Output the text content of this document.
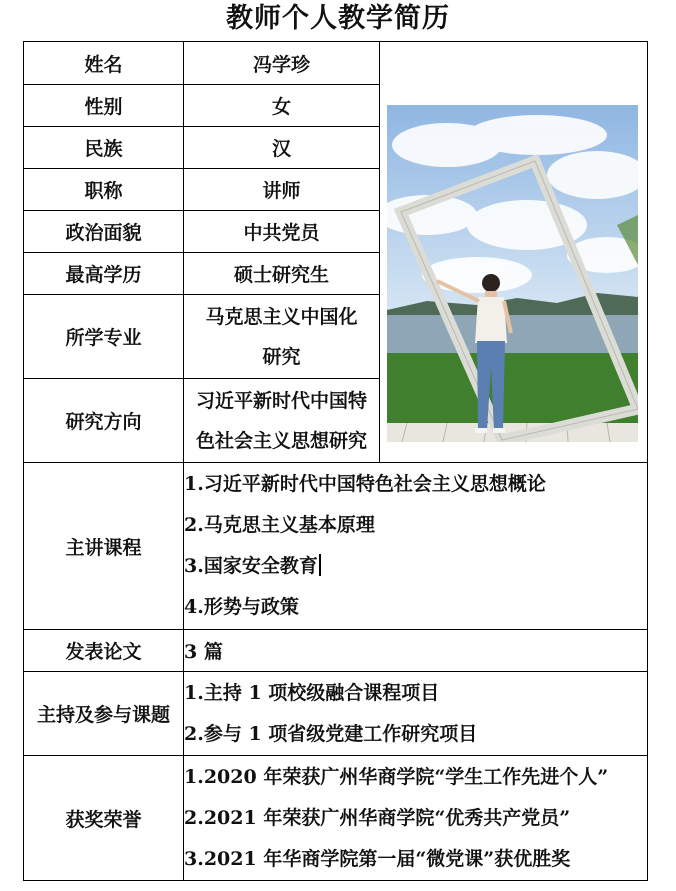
教师个人教学简历
姓名	冯学珍	

性别	女	
民族	汉	
职称	讲师	
政治面貌	中共党员	
最高学历	硕士研究生	
所学专业	马克思主义中国化
研究	

研究方向	习近平新时代中国特
色社会主义思想研究	

主讲课程	1.习近平新时代中国特色社会主义思想概论
2.马克思主义基本原理
3.国家安全教育
4.形势与政策	

发表论文	3 篇	
主持及参与课题	1.主持 1 项校级融合课程项目
2.参与 1 项省级党建工作研究项目	

获奖荣誉	1.2020 年荣获广州华商学院“学生工作先进个人”
2.2021 年荣获广州华商学院“优秀共产党员”
3.2021 年华商学院第一届“微党课”获优胜奖	
